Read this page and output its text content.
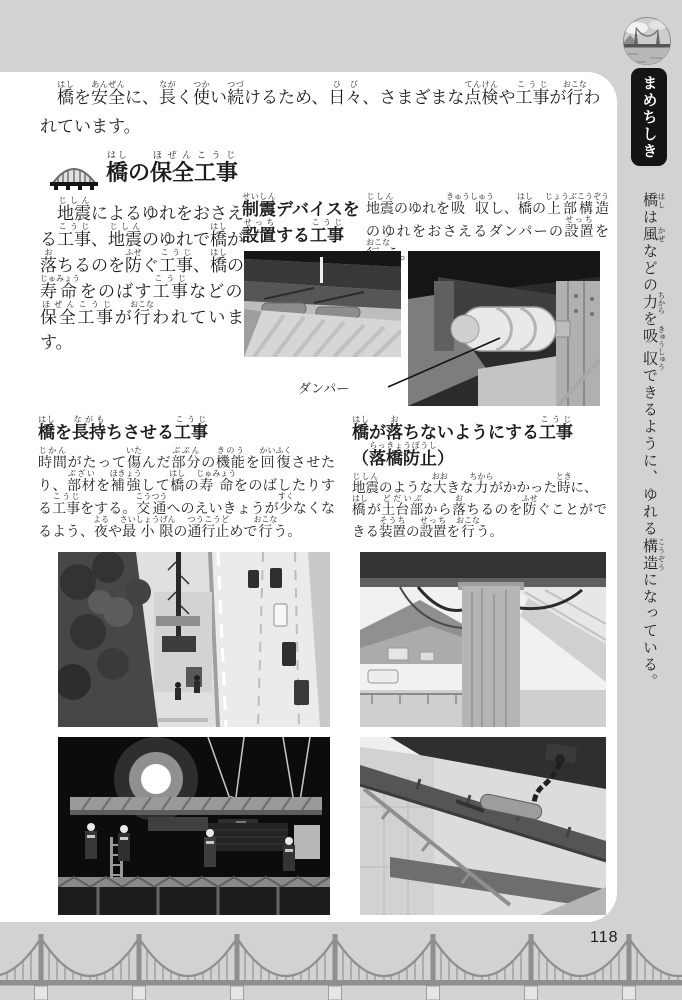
橋はしを安全あんぜんに、長ながく使つかい続つづけるため、日々ひび、さまざまな点検てんけんや工事こうじが行おこなわれています。

橋はしの保全工事ほぜんこうじ

地震じしんによるゆれをおさえる工事こうじ、地震じしんのゆれで橋はしが落おちるのを防ふせぐ工事こうじ、橋はしの寿命じゅみょうをのばす工事こうじなどの保全工事ほぜんこうじが行おこなわれています。

制震せいしんデバイスを設置せっちする工事こうじ

地震じしんのゆれを吸収きゅうしゅうし、橋はしの上部構造じょうぶこうぞうのゆれをおさえるダンパーの設置せっちをおこな

ダンパー
橋はしを長持ながもちさせる工事こうじ

時間じかんがたって傷いたんだ部分ぶぶんの機能きのうを回復かいふくさせたり、部材ぶざいを補強ほきょうして橋はしの寿命じゅみょうをのばしたりする工事こうじをする。交通こうつうへのえいきょうが少すくなくなるよう、夜よるや最小限さいしょうげんの通行止つうこうどめで行おこなう。

橋はしが落おちないようにする工事こうじ
（落橋防止らっきょうぼうし）

地震じしんのような大おおきな力ちからがかかった時ときに、橋はしが土台部どだいぶから落おちるのを防ふせぐことができる装置そうちの設置せっちを行おこなう。

まめちしき

橋 はしは風 かぜなどの力 ちからを吸収 きゅうしゅうできるように、ゆれる構造 こうぞうになっている。

118
